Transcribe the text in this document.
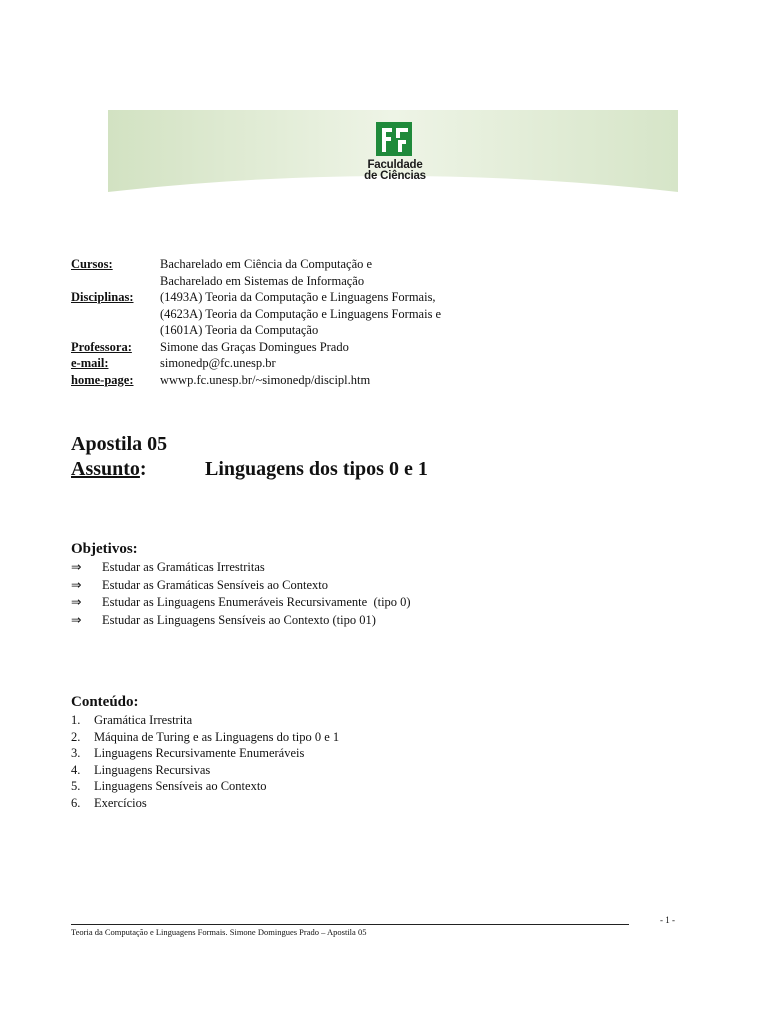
Faculdade
de Ciências
Cursos:	Bacharelado em Ciência da Computação e
Bacharelado em Sistemas de Informação
Disciplinas:	(1493A) Teoria da Computação e Linguagens Formais,
(4623A) Teoria da Computação e Linguagens Formais e
(1601A) Teoria da Computação
Professora:	Simone das Graças Domingues Prado
e-mail:	simonedp@fc.unesp.br
home-page:	wwwp.fc.unesp.br/~simonedp/discipl.htm
Apostila 05
Assunto:	Linguagens dos tipos 0 e 1
Objetivos:
⇒	Estudar as Gramáticas Irrestritas
⇒	Estudar as Gramáticas Sensíveis ao Contexto
⇒	Estudar as Linguagens Enumeráveis Recursivamente  (tipo 0)
⇒	Estudar as Linguagens Sensíveis ao Contexto (tipo 01)
Conteúdo:
1.	Gramática Irrestrita
2.	Máquina de Turing e as Linguagens do tipo 0 e 1
3.	Linguagens Recursivamente Enumeráveis
4.	Linguagens Recursivas
5.	Linguagens Sensíveis ao Contexto
6.	Exercícios
- 1 -
Teoria da Computação e Linguagens Formais. Simone Domingues Prado – Apostila 05
